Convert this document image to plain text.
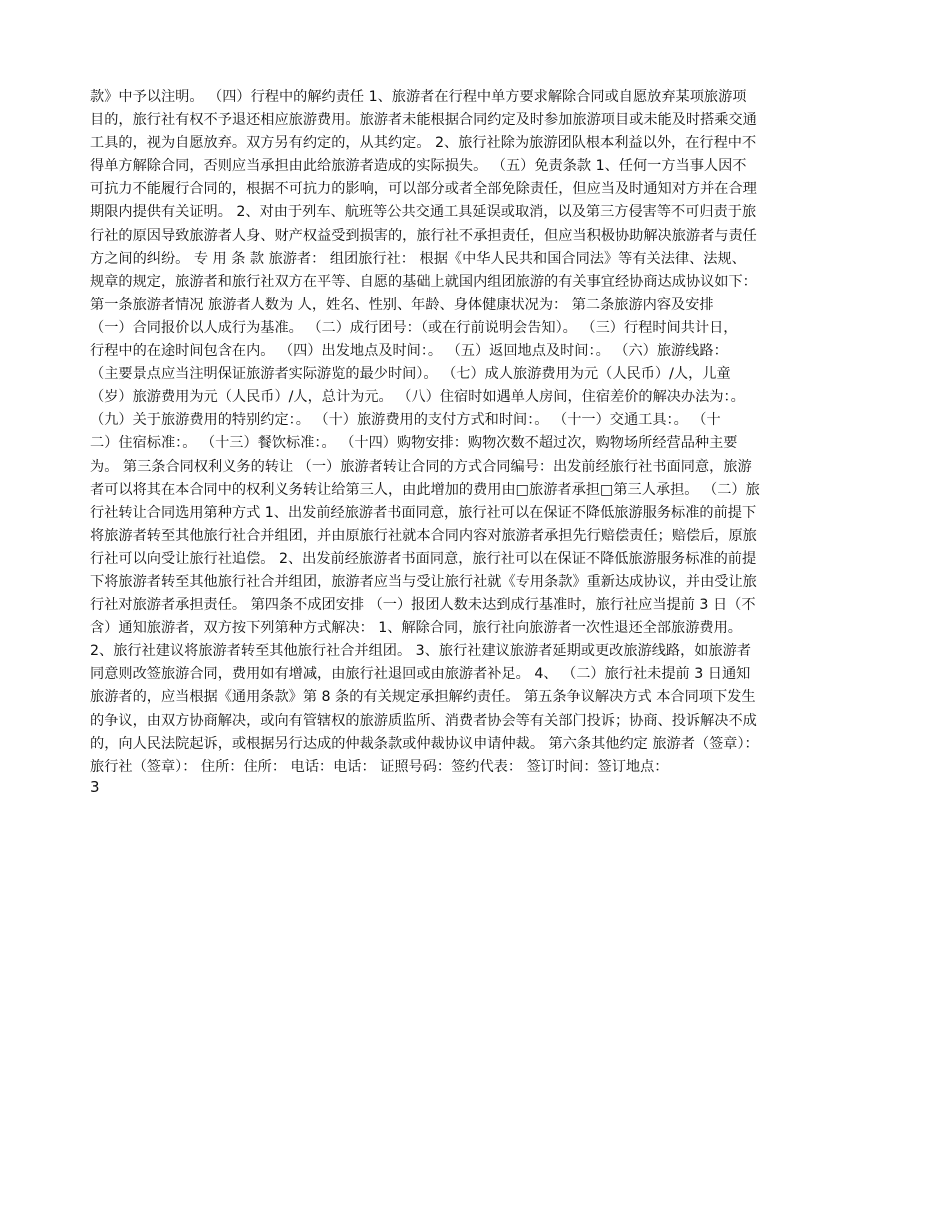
款》中予以注明。 （四）行程中的解约责任 1、旅游者在行程中单方要求解除合同或自愿放弃某项旅游项
目的，旅行社有权不予退还相应旅游费用。旅游者未能根据合同约定及时参加旅游项目或未能及时搭乘交通
工具的，视为自愿放弃。双方另有约定的，从其约定。 2、旅行社除为旅游团队根本利益以外，在行程中不
得单方解除合同，否则应当承担由此给旅游者造成的实际损失。 （五）免责条款 1、任何一方当事人因不
可抗力不能履行合同的，根据不可抗力的影响，可以部分或者全部免除责任，但应当及时通知对方并在合理
期限内提供有关证明。 2、对由于列车、航班等公共交通工具延误或取消，以及第三方侵害等不可归责于旅
行社的原因导致旅游者人身、财产权益受到损害的，旅行社不承担责任，但应当积极协助解决旅游者与责任
方之间的纠纷。 专 用 条 款 旅游者： 组团旅行社： 根据《中华人民共和国合同法》等有关法律、法规、
规章的规定，旅游者和旅行社双方在平等、自愿的基础上就国内组团旅游的有关事宜经协商达成协议如下：
第一条旅游者情况 旅游者人数为 人，姓名、性别、年龄、身体健康状况为： 第二条旅游内容及安排
（一）合同报价以人成行为基准。 （二）成行团号：（或在行前说明会告知）。 （三）行程时间共计日，
行程中的在途时间包含在内。 （四）出发地点及时间：。 （五）返回地点及时间：。 （六）旅游线路：
（主要景点应当注明保证旅游者实际游览的最少时间）。 （七）成人旅游费用为元（人民币）/人，儿童
（岁）旅游费用为元（人民币）/人，总计为元。 （八）住宿时如遇单人房间，住宿差价的解决办法为：。
（九）关于旅游费用的特别约定：。 （十）旅游费用的支付方式和时间：。 （十一）交通工具：。 （十
二）住宿标准：。 （十三）餐饮标准：。 （十四）购物安排：购物次数不超过次，购物场所经营品种主要
为。 第三条合同权利义务的转让 （一）旅游者转让合同的方式合同编号：出发前经旅行社书面同意，旅游
者可以将其在本合同中的权利义务转让给第三人，由此增加的费用由□旅游者承担□第三人承担。 （二）旅
行社转让合同选用第种方式 1、出发前经旅游者书面同意，旅行社可以在保证不降低旅游服务标准的前提下
将旅游者转至其他旅行社合并组团，并由原旅行社就本合同内容对旅游者承担先行赔偿责任；赔偿后，原旅
行社可以向受让旅行社追偿。 2、出发前经旅游者书面同意，旅行社可以在保证不降低旅游服务标准的前提
下将旅游者转至其他旅行社合并组团，旅游者应当与受让旅行社就《专用条款》重新达成协议，并由受让旅
行社对旅游者承担责任。 第四条不成团安排 （一）报团人数未达到成行基准时，旅行社应当提前 3 日（不
含）通知旅游者，双方按下列第种方式解决： 1、解除合同，旅行社向旅游者一次性退还全部旅游费用。
2、旅行社建议将旅游者转至其他旅行社合并组团。 3、旅行社建议旅游者延期或更改旅游线路，如旅游者
同意则改签旅游合同，费用如有增减，由旅行社退回或由旅游者补足。 4、 （二）旅行社未提前 3 日通知
旅游者的，应当根据《通用条款》第 8 条的有关规定承担解约责任。 第五条争议解决方式 本合同项下发生
的争议，由双方协商解决，或向有管辖权的旅游质监所、消费者协会等有关部门投诉；协商、投诉解决不成
的，向人民法院起诉，或根据另行达成的仲裁条款或仲裁协议申请仲裁。 第六条其他约定 旅游者（签章）：
旅行社（签章）： 住所：住所： 电话：电话： 证照号码：签约代表： 签订时间：签订地点：
3
